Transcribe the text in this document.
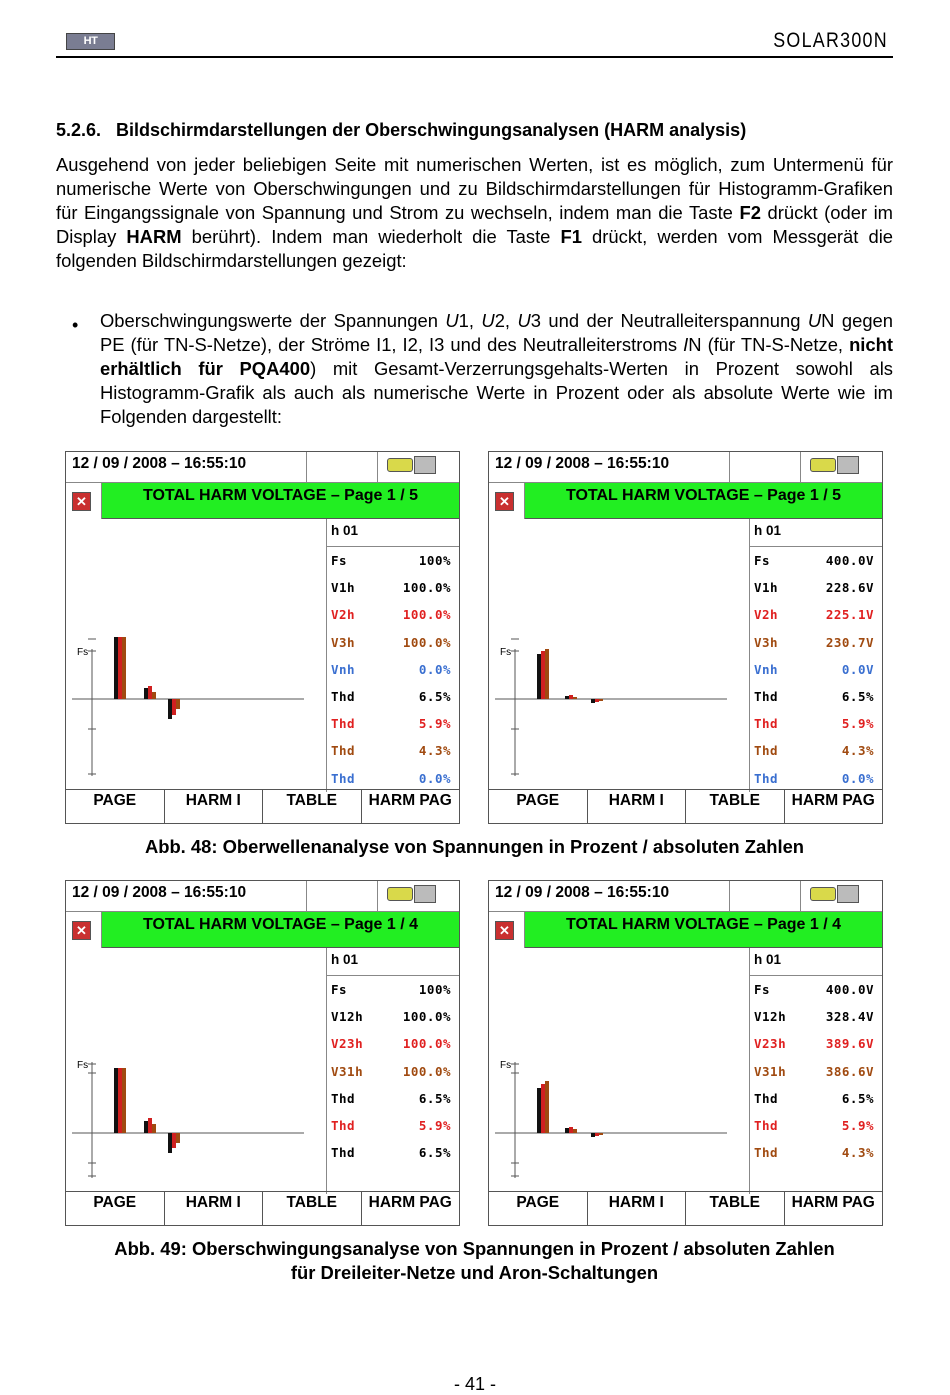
HT	SOLAR300N
5.2.6.   Bildschirmdarstellungen der Oberschwingungsanalysen (HARM analysis)
Ausgehend von jeder beliebigen Seite mit numerischen Werten, ist es möglich, zum Untermenü für numerische Werte von Oberschwingungen und zu Bildschirmdarstellungen für Histogramm-Grafiken für Eingangssignale von Spannung und Strom zu wechseln, indem man die Taste F2 drückt (oder im Display HARM berührt). Indem man wiederholt die Taste F1 drückt, werden vom Messgerät die folgenden Bildschirmdarstellungen gezeigt:
• Oberschwingungswerte der Spannungen U1, U2, U3 und der Neutralleiterspannung UN gegen PE (für TN-S-Netze), der Ströme I1, I2, I3 und des Neutralleiterstroms IN (für TN-S-Netze, nicht erhältlich für PQA400) mit Gesamt-Verzerrungsgehalts-Werten in Prozent sowohl als Histogramm-Grafik als auch als numerische Werte in Prozent oder als absolute Werte wie im Folgenden dargestellt:
12 / 09 / 2008 – 16:55:10
✕	TOTAL HARM VOLTAGE – Page 1 / 5
Fs
h 01
Fs	100%
V1h	100.0%
V2h	100.0%
V3h	100.0%
Vnh	0.0%
Thd	6.5%
Thd	5.9%
Thd	4.3%
Thd	0.0%
PAGE	HARM I	TABLE	HARM PAG
12 / 09 / 2008 – 16:55:10
✕	TOTAL HARM VOLTAGE – Page 1 / 5
Fs
h 01
Fs	400.0V
V1h	228.6V
V2h	225.1V
V3h	230.7V
Vnh	0.0V
Thd	6.5%
Thd	5.9%
Thd	4.3%
Thd	0.0%
PAGE	HARM I	TABLE	HARM PAG
12 / 09 / 2008 – 16:55:10
✕	TOTAL HARM VOLTAGE – Page 1 / 4
Fs
h 01
Fs	100%
V12h	100.0%
V23h	100.0%
V31h	100.0%
Thd	6.5%
Thd	5.9%
Thd	6.5%
PAGE	HARM I	TABLE	HARM PAG
12 / 09 / 2008 – 16:55:10
✕	TOTAL HARM VOLTAGE – Page 1 / 4
Fs
h 01
Fs	400.0V
V12h	328.4V
V23h	389.6V
V31h	386.6V
Thd	6.5%
Thd	5.9%
Thd	4.3%
PAGE	HARM I	TABLE	HARM PAG
Abb. 48: Oberwellenanalyse von Spannungen in Prozent / absoluten Zahlen
Abb. 49: Oberschwingungsanalyse von Spannungen in Prozent / absoluten Zahlen
für Dreileiter-Netze und Aron-Schaltungen
- 41 -
